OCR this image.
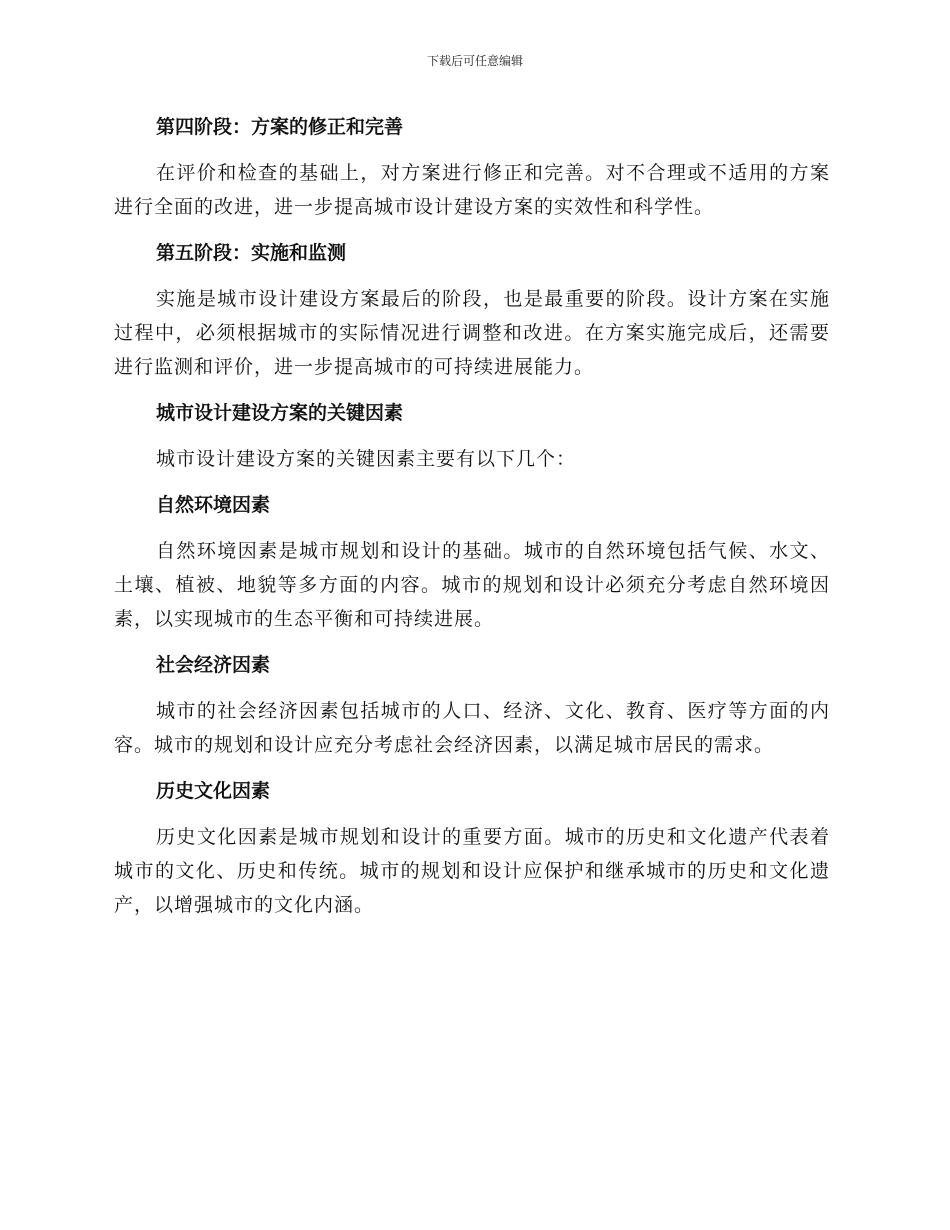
下载后可任意编辑
第四阶段：方案的修正和完善

在评价和检查的基础上，对方案进行修正和完善。对不合理或不适用的方案进行全面的改进，进一步提高城市设计建设方案的实效性和科学性。

第五阶段：实施和监测

实施是城市设计建设方案最后的阶段，也是最重要的阶段。设计方案在实施过程中，必须根据城市的实际情况进行调整和改进。在方案实施完成后，还需要进行监测和评价，进一步提高城市的可持续进展能力。

城市设计建设方案的关键因素

城市设计建设方案的关键因素主要有以下几个：

自然环境因素

自然环境因素是城市规划和设计的基础。城市的自然环境包括气候、水文、土壤、植被、地貌等多方面的内容。城市的规划和设计必须充分考虑自然环境因素，以实现城市的生态平衡和可持续进展。

社会经济因素

城市的社会经济因素包括城市的人口、经济、文化、教育、医疗等方面的内容。城市的规划和设计应充分考虑社会经济因素，以满足城市居民的需求。

历史文化因素

历史文化因素是城市规划和设计的重要方面。城市的历史和文化遗产代表着城市的文化、历史和传统。城市的规划和设计应保护和继承城市的历史和文化遗产，以增强城市的文化内涵。
